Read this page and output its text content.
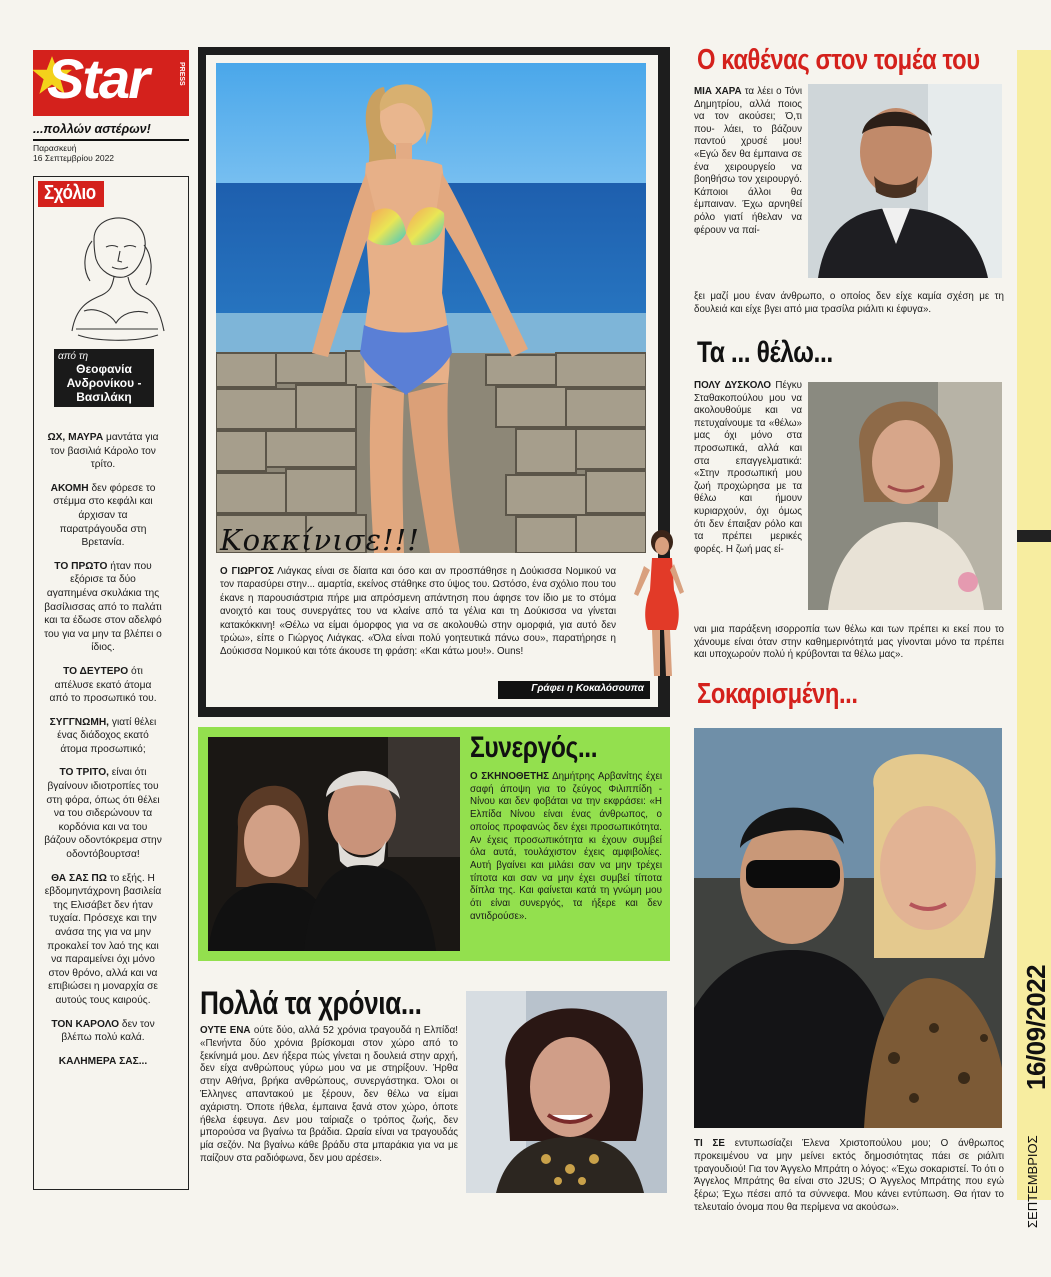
Star	PRESS
...πολλών αστέρων!
Παρασκευή
16 Σεπτεμβρίου 2022
Σχόλιο
από τη
Θεοφανία Ανδρονίκου - Βασιλάκη

ΩΧ, ΜΑΥΡΑ μαντάτα για τον βασιλιά Κάρολο τον τρίτο.

ΑΚΟΜΗ δεν φόρεσε το στέμμα στο κεφάλι και άρχισαν τα παρατράγουδα στη Βρετανία.

ΤΟ ΠΡΩΤΟ ήταν που εξόρισε τα δύο αγαπημένα σκυλάκια της βασίλισσας από το παλάτι και τα έδωσε στον αδελφό του για να μην τα βλέπει ο ίδιος.

ΤΟ ΔΕΥΤΕΡΟ ότι απέλυσε εκατό άτομα από το προσωπικό του.

ΣΥΓΓΝΩΜΗ, γιατί θέλει ένας διάδοχος εκατό άτομα προσωπικό;

ΤΟ ΤΡΙΤΟ, είναι ότι βγαίνουν ιδιοτροπίες του στη φόρα, όπως ότι θέλει να του σιδερώνουν τα κορδόνια και να του βάζουν οδοντόκρεμα στην οδοντόβουρτσα!

ΘΑ ΣΑΣ ΠΩ το εξής. Η εβδομηντάχρονη βασιλεία της Ελισάβετ δεν ήταν τυχαία. Πρόσεχε και την ανάσα της για να μην προκαλεί τον λαό της και να παραμείνει όχι μόνο στον θρόνο, αλλά και να επιβιώσει η μοναρχία σε αυτούς τους καιρούς.

ΤΟΝ ΚΑΡΟΛΟ δεν τον βλέπω πολύ καλά.

ΚΑΛΗΜΕΡΑ ΣΑΣ...

Κοκκίνισε!!!
Ο ΓΙΩΡΓΟΣ Λιάγκας είναι σε δίαιτα και όσο και αν προσπάθησε η Δούκισσα Νομικού να τον παρασύρει στην... αμαρτία, εκείνος στάθηκε στο ύψος του. Ωστόσο, ένα σχόλιο που του έκανε η παρουσιάστρια πήρε μια απρόσμενη απάντηση που άφησε τον ίδιο με το στόμα ανοιχτό και τους συνεργάτες του να κλαίνε από τα γέλια και τη Δούκισσα να γίνεται κατακόκκινη! «Θέλω να είμαι όμορφος για να σε ακολουθώ στην ομορφιά, για αυτό δεν τρώω», είπε ο Γιώργος Λιάγκας. «Όλα είναι πολύ γοητευτικά πάνω σου», παρατήρησε η Δούκισσα Νομικού και τότε άκουσε τη φράση: «Και κάτω μου!». Ouns!
Γράφει η Κοκαλόσουπα
Ο καθένας στον τομέα του
ΜΙΑ ΧΑΡΑ τα λέει ο Τόνι Δημητρίου, αλλά ποιος να τον ακούσει; Ό,τι που- λάει, το βάζουν παντού χρυσέ μου! «Εγώ δεν θα έμπαινα σε ένα χειρουργείο να βοηθήσω τον χειρουργό. Κάποιοι άλλοι θα έμπαιναν. Έχω αρνηθεί ρόλο γιατί ήθελαν να φέρουν να παί-
ξει μαζί μου έναν άνθρωπο, ο οποίος δεν είχε καμία σχέση με τη δουλειά και είχε βγει από μια τρασίλα ριάλιτι κι έφυγα».
Τα ... θέλω...
ΠΟΛΥ ΔΥΣΚΟΛΟ Πέγκυ Σταθακοπούλου μου να ακολουθούμε και να πετυχαίνουμε τα «θέλω» μας όχι μόνο στα προσωπικά, αλλά και στα επαγγελματικά: «Στην προσωπική μου ζωή προχώρησα με τα θέλω και ήμουν κυριαρχούν, όχι όμως ότι δεν έπαιξαν ρόλο και τα πρέπει μερικές φορές. Η ζωή μας εί-
ναι μια παράξενη ισορροπία των θέλω και των πρέπει κι εκεί που το χάνουμε είναι όταν στην καθημερινότητά μας γίνονται μόνο τα πρέπει και υποχωρούν πολύ ή κρύβονται τα θέλω μας».
Σοκαρισμένη...
ΤΙ ΣΕ εντυπωσίαζει Έλενα Χριστοπούλου μου; Ο άνθρωπος προκειμένου να μην μείνει εκτός δημοσιότητας πάει σε ριάλιτι τραγουδιού! Για τον Άγγελο Μπράτη ο λόγος: «Έχω σοκαριστεί. Το ότι ο Άγγελος Μπράτης θα είναι στο J2US; Ο Άγγελος Μπράτης που εγώ ξέρω; Έχω πέσει από τα σύννεφα. Μου κάνει εντύπωση. Θα ήταν το τελευταίο όνομα που θα περίμενα να ακούσω».
Συνεργός...
Ο ΣΚΗΝΟΘΕΤΗΣ Δημήτρης Αρβανίτης έχει σαφή άποψη για το ζεύγος Φιλιππίδη - Νίνου και δεν φοβάται να την εκφράσει: «Η Ελπίδα Νίνου είναι ένας άνθρωπος, ο οποίος προφανώς δεν έχει προσωπικότητα. Αν έχεις προσωπικότητα κι έχουν συμβεί όλα αυτά, τουλάχιστον έχεις αμφιβολίες. Αυτή βγαίνει και μιλάει σαν να μην τρέχει τίποτα και σαν να μην έχει συμβεί τίποτα δίπλα της. Και φαίνεται κατά τη γνώμη μου ότι είναι συνεργός, τα ήξερε και δεν αντιδρούσε».
Πολλά τα χρόνια...
ΟΥΤΕ ΕΝΑ ούτε δύο, αλλά 52 χρόνια τραγουδά η Ελπίδα! «Πενήντα δύο χρόνια βρίσκομαι στον χώρο από το ξεκίνημά μου. Δεν ήξερα πώς γίνεται η δουλειά στην αρχή, δεν είχα ανθρώπους γύρω μου να με στηρίξουν. Ήρθα στην Αθήνα, βρήκα ανθρώπους, συνεργάστηκα. Όλοι οι Έλληνες απαντακού με ξέρουν, δεν θέλω να είμαι αχάριστη. Όποτε ήθελα, έμπαινα ξανά στον χώρο, όποτε ήθελα έφευγα. Δεν μου ταίριαζε ο τρόπος ζωής, δεν μπορούσα να βγαίνω τα βράδια. Ωραία είναι να τραγουδάς μία σεζόν. Να βγαίνω κάθε βράδυ στα μπαράκια για να με παίζουν στα ραδιόφωνα, δεν μου αρέσει».
16/09/2022
ΣΕΠΤΕΜΒΡΙΟΣ
